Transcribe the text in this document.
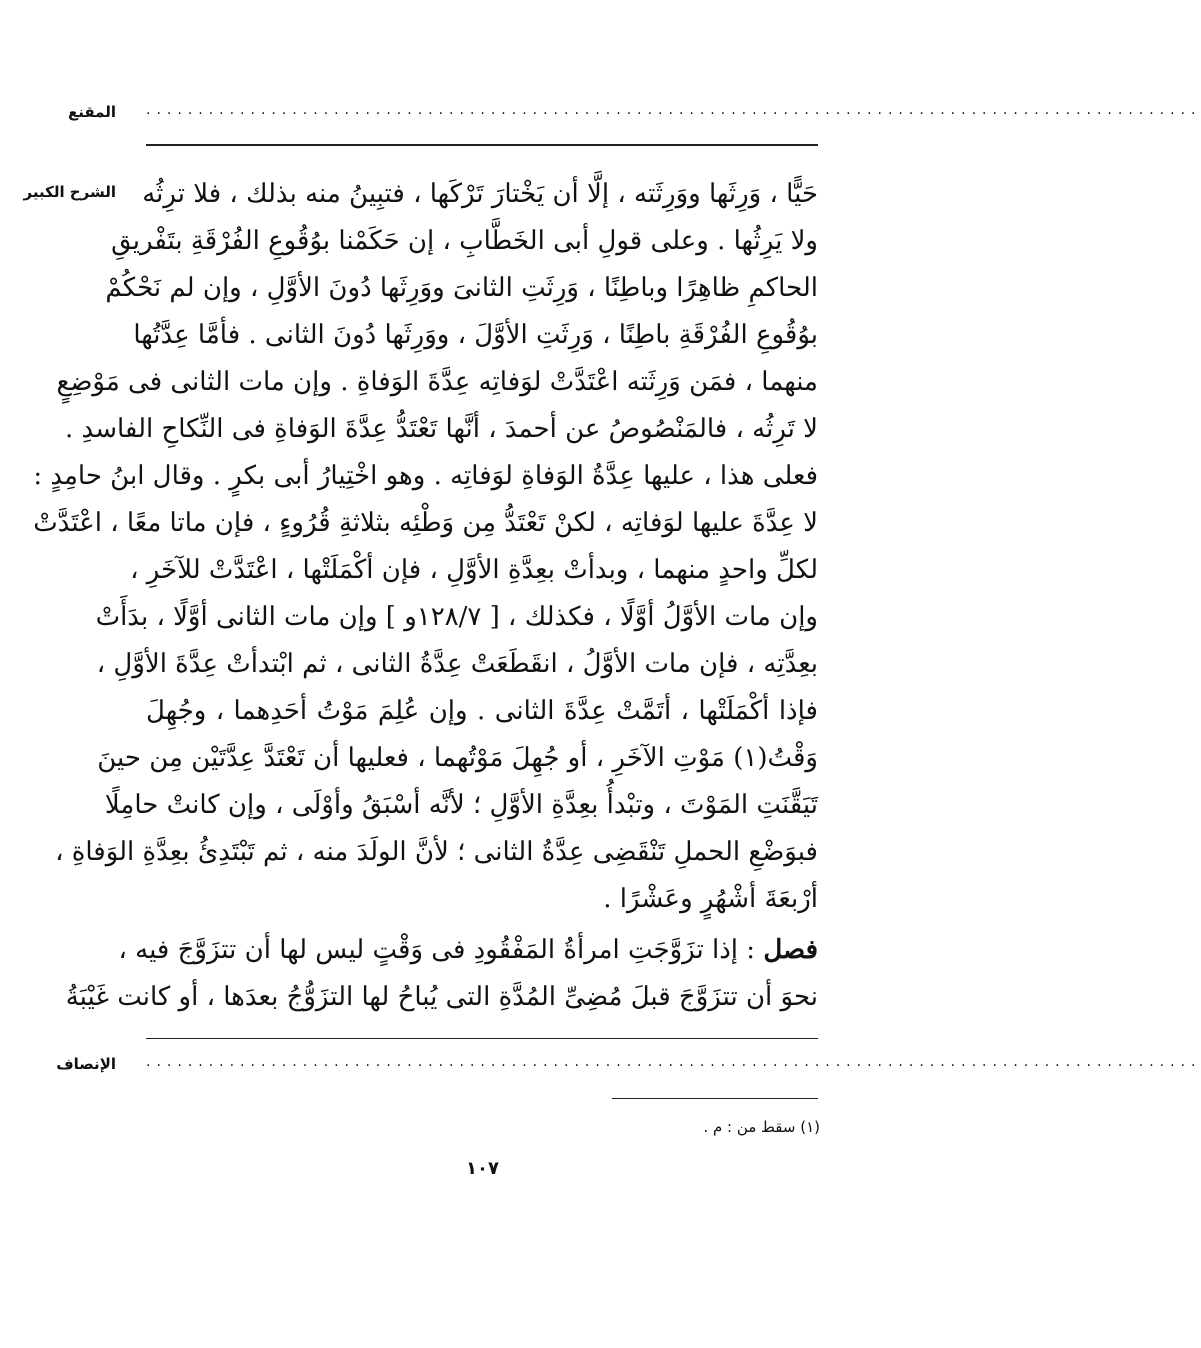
المقنع .....................................................................................................
الشرح الكبير حَيًّا ، وَرِثَها ووَرِثَته ، إلَّا أن يَخْتارَ تَرْكَها ، فتبِينُ منه بذلك ، فلا ترِثُه
ولا يَرِثُها . وعلى قولِ أبى الخَطَّابِ ، إن حَكَمْنا بوُقُوعِ الفُرْقَةِ بتَفْريقِ
الحاكمِ ظاهِرًا وباطِنًا ، وَرِثَتِ الثانىَ ووَرِثَها دُونَ الأوَّلِ ، وإن لم نَحْكُمْ
بوُقُوعِ الفُرْقَةِ باطِنًا ، وَرِثَتِ الأوَّلَ ، ووَرِثَها دُونَ الثانى . فأمَّا عِدَّتُها
منهما ، فمَن وَرِثَته اعْتَدَّتْ لوَفاتِه عِدَّةَ الوَفاةِ . وإن مات الثانى فى مَوْضِعٍ
لا تَرِثُه ، فالمَنْصُوصُ عن أحمدَ ، أنَّها تَعْتَدُّ عِدَّةَ الوَفاةِ فى النِّكاحِ الفاسدِ .
فعلى هذا ، عليها عِدَّةُ الوَفاةِ لوَفاتِه . وهو اخْتِيارُ أبى بكرٍ . وقال ابنُ حامِدٍ :
لا عِدَّةَ عليها لوَفاتِه ، لكنْ تَعْتَدُّ مِن وَطْئِه بثلاثةِ قُرُوءٍ ، فإن ماتا معًا ، اعْتَدَّتْ
لكلِّ واحدٍ منهما ، وبدأتْ بعِدَّةِ الأوَّلِ ، فإن أكْمَلَتْها ، اعْتَدَّتْ للآخَرِ ،
وإن مات الأوَّلُ أوَّلًا ، فكذلك ، [ ١٢٨/٧و ] وإن مات الثانى أوَّلًا ، بدَأَتْ
بعِدَّتِه ، فإن مات الأوَّلُ ، انقَطَعَتْ عِدَّةُ الثانى ، ثم ابْتدأتْ عِدَّةَ الأوَّلِ ،
فإذا أكْمَلَتْها ، أتَمَّتْ عِدَّةَ الثانى . وإن عُلِمَ مَوْتُ أحَدِهما ، وجُهِلَ
وَقْتُ(١) مَوْتِ الآخَرِ ، أو جُهِلَ مَوْتُهما ، فعليها أن تَعْتَدَّ عِدَّتَيْن مِن حينَ
تَيَقَّنَتِ المَوْتَ ، وتبْدأُ بعِدَّةِ الأوَّلِ ؛ لأنَّه أسْبَقُ وأوْلَى ، وإن كانتْ حامِلًا
فبوَضْعِ الحملِ تَنْقَضِى عِدَّةُ الثانى ؛ لأنَّ الولَدَ منه ، ثم تَبْتَدِئُ بعِدَّةِ الوَفاةِ ،
أرْبعَةَ أشْهُرٍ وعَشْرًا .
فصل : إذا تزَوَّجَتِ امرأةُ المَفْقُودِ فى وَقْتٍ ليس لها أن تتزَوَّجَ فيه ،
نحوَ أن تتزَوَّجَ قبلَ مُضِىِّ المُدَّةِ التى يُباحُ لها التزَوُّجُ بعدَها ، أو كانت غَيْبَةُ
الإنصاف .....................................................................................................
(١) سقط من : م .
١٠٧
